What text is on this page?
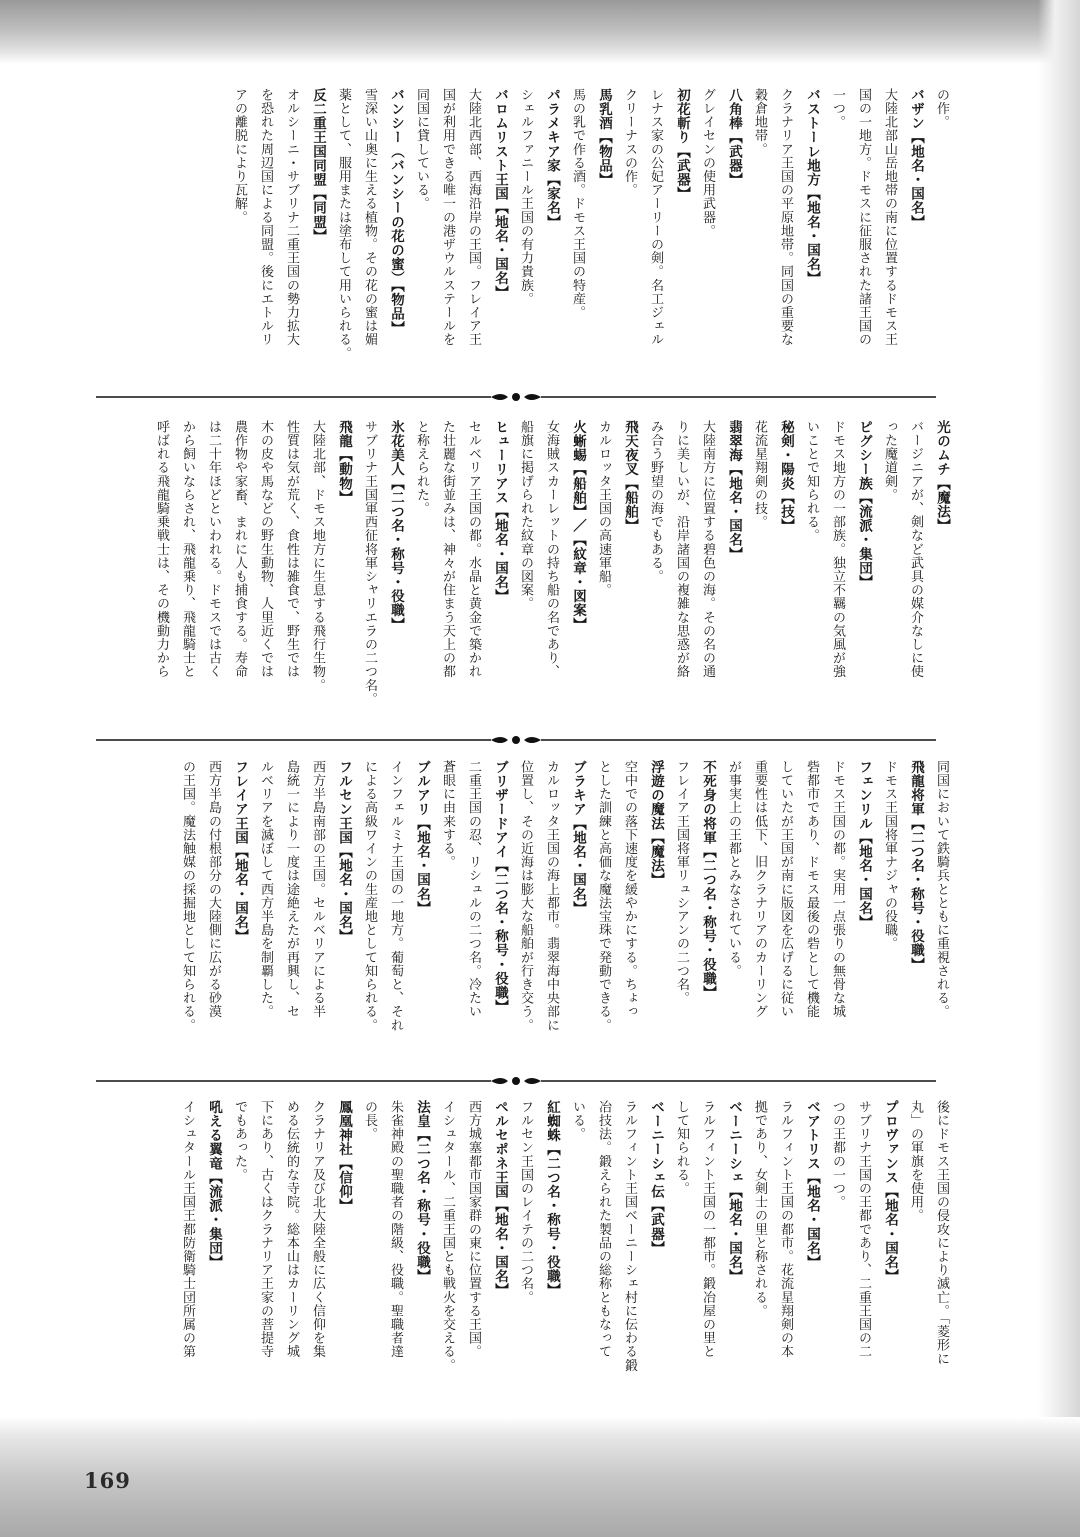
の作。
バザン【地名・国名】
大陸北部山岳地帯の南に位置するドモス王
国の一地方。ドモスに征服された諸王国の
一つ。
バストーレ地方【地名・国名】
クラナリア王国の平原地帯。同国の重要な
穀倉地帯。
八角棒【武器】
グレイセンの使用武器。
初花斬り【武器】
レナス家の公妃アーリーの剣。名工ジェル
クリーナスの作。
馬乳酒【物品】
馬の乳で作る酒。ドモス王国の特産。
パラメキア家【家名】
シェルファニール王国の有力貴族。
バロムリスト王国【地名・国名】
大陸北西部、西海沿岸の王国。フレイア王
国が利用できる唯一の港ザウルステールを
同国に貸している。
バンシー（バンシーの花の蜜）【物品】
雪深い山奥に生える植物。その花の蜜は媚
薬として、服用または塗布して用いられる。
反二重王国同盟【同盟】
オルシーニ・サブリナ二重王国の勢力拡大
を恐れた周辺国による同盟。後にエトルリ
アの離脱により瓦解。
光のムチ【魔法】
バージニアが、剣など武具の媒介なしに使
った魔道剣。
ピグシー族【流派・集団】
ドモス地方の一部族。独立不羈の気風が強
いことで知られる。
秘剣・陽炎【技】
花流星翔剣の技。
翡翠海【地名・国名】
大陸南方に位置する碧色の海。その名の通
りに美しいが、沿岸諸国の複雑な思惑が絡
み合う野望の海でもある。
飛天夜叉【船舶】
カルロッタ王国の高速軍船。
火蜥蜴【船舶】／【紋章・図案】
女海賊スカーレットの持ち船の名であり、
船旗に掲げられた紋章の図案。
ヒューリアス【地名・国名】
セルベリア王国の都。水晶と黄金で築かれ
た壮麗な街並みは、神々が住まう天上の都
と称えられた。
氷花美人【二つ名・称号・役職】
サブリナ王国軍西征将軍シャリエラの二つ名。
飛龍【動物】
大陸北部、ドモス地方に生息する飛行生物。
性質は気が荒く、食性は雑食で、野生では
木の皮や馬などの野生動物、人里近くでは
農作物や家畜、まれに人も捕食する。寿命
は二十年ほどといわれる。ドモスでは古く
から飼いならされ、飛龍乗り、飛龍騎士と
呼ばれる飛龍騎乗戦士は、その機動力から
同国において鉄騎兵とともに重視される。
飛龍将軍【二つ名・称号・役職】
ドモス王国将軍ナジャの役職。
フェンリル【地名・国名】
ドモス王国の都。実用一点張りの無骨な城
砦都市であり、ドモス最後の砦として機能
していたが王国が南に版図を広げるに従い
重要性は低下、旧クラナリアのカーリング
が事実上の王都とみなされている。
不死身の将軍【二つ名・称号・役職】
フレイア王国将軍リュシアンの二つ名。
浮遊の魔法【魔法】
空中での落下速度を緩やかにする。ちょっ
とした訓練と高価な魔法宝珠で発動できる。
ブラキア【地名・国名】
カルロッタ王国の海上都市。翡翠海中央部に
位置し、その近海は膨大な船舶が行き交う。
ブリザードアイ【二つ名・称号・役職】
二重王国の忍、リシュルの二つ名。冷たい
蒼眼に由来する。
ブルアリ【地名・国名】
インフェルミナ王国の一地方。葡萄と、それ
による高級ワインの生産地として知られる。
フルセン王国【地名・国名】
西方半島南部の王国。セルベリアによる半
島統一により一度は途絶えたが再興し、セ
ルベリアを滅ぼして西方半島を制覇した。
フレイア王国【地名・国名】
西方半島の付根部分の大陸側に広がる砂漠
の王国。魔法触媒の採掘地として知られる。
後にドモス王国の侵攻により滅亡。「菱形に
丸」の軍旗を使用。
プロヴァンス【地名・国名】
サブリナ王国の王都であり、二重王国の二
つの王都の一つ。
ベアトリス【地名・国名】
ラルフィント王国の都市。花流星翔剣の本
拠であり、女剣士の里と称される。
ベーニーシェ【地名・国名】
ラルフィント王国の一都市。鍛冶屋の里と
して知られる。
ベーニーシェ伝【武器】
ラルフィント王国ベーニーシェ村に伝わる鍛
冶技法。鍛えられた製品の総称ともなって
いる。
紅蜘蛛【二つ名・称号・役職】
フルセン王国のレイテの二つ名。
ペルセポネ王国【地名・国名】
西方城塞都市国家群の東に位置する王国。
イシュタール、二重王国とも戦火を交える。
法皇【二つ名・称号・役職】
朱雀神殿の聖職者の階級、役職。聖職者達
の長。
鳳凰神社【信仰】
クラナリア及び北大陸全般に広く信仰を集
める伝統的な寺院。総本山はカーリング城
下にあり、古くはクラナリア王家の菩提寺
でもあった。
吼える翼竜【流派・集団】
イシュタール王国王都防衛騎士団所属の第
169
